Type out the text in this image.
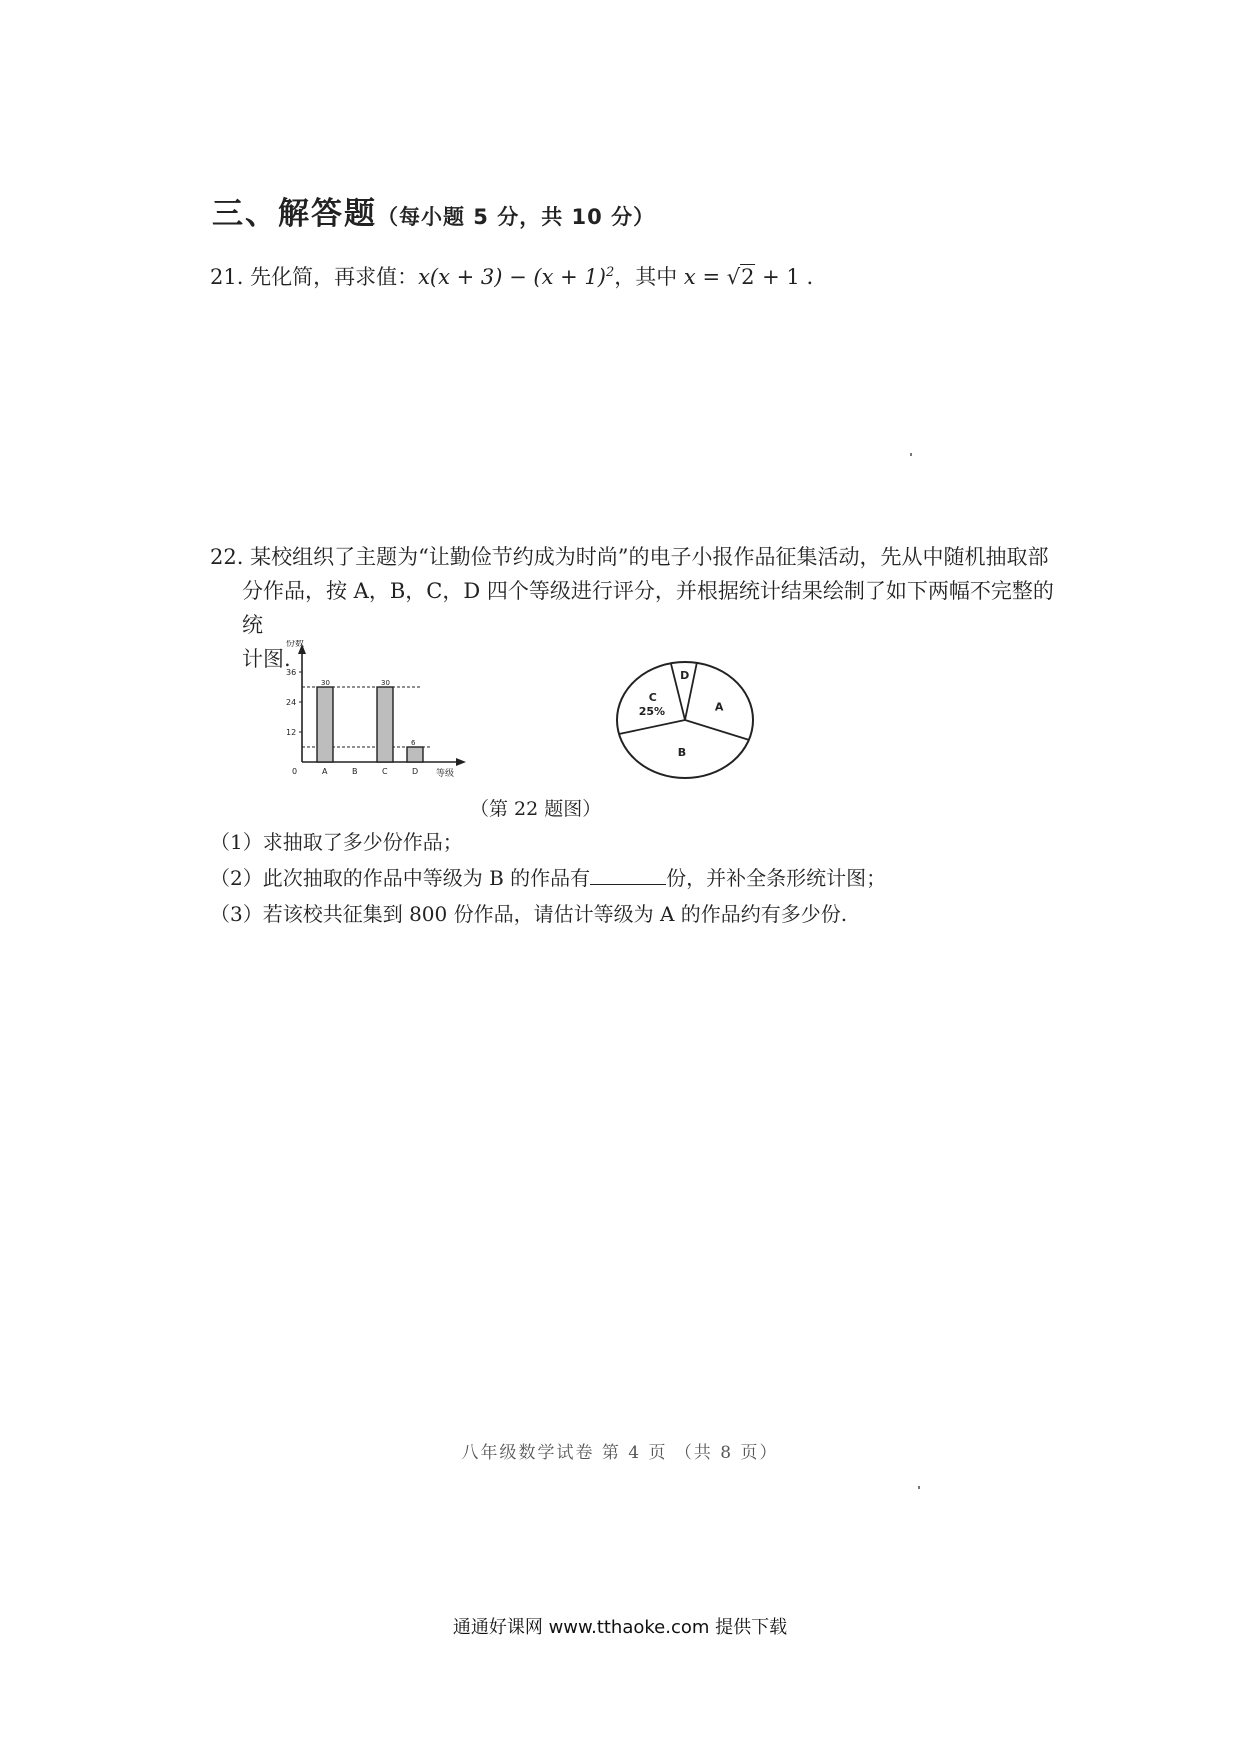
三、解答题（每小题 5 分，共 10 分）
21. 先化简，再求值：$x(x + 3) - (x + 1)^2$，其中 x = √2 + 1 .
22. 某校组织了主题为“让勤俭节约成为时尚”的电子小报作品征集活动，先从中随机抽取部
分作品，按 A，B，C，D 四个等级进行评分，并根据统计结果绘制了如下两幅不完整的统
计图.
份数
等级
0
12
24
36
30
A	B
30
C
6
D
A
B
C
25%
D
（第 22 题图）
（1）求抽取了多少份作品；
（2）此次抽取的作品中等级为 B 的作品有	份，并补全条形统计图；
（3）若该校共征集到 800 份作品，请估计等级为 A 的作品约有多少份.
八年级数学试卷 第 4 页 （共 8 页）
通通好课网 www.tthaoke.com 提供下载
